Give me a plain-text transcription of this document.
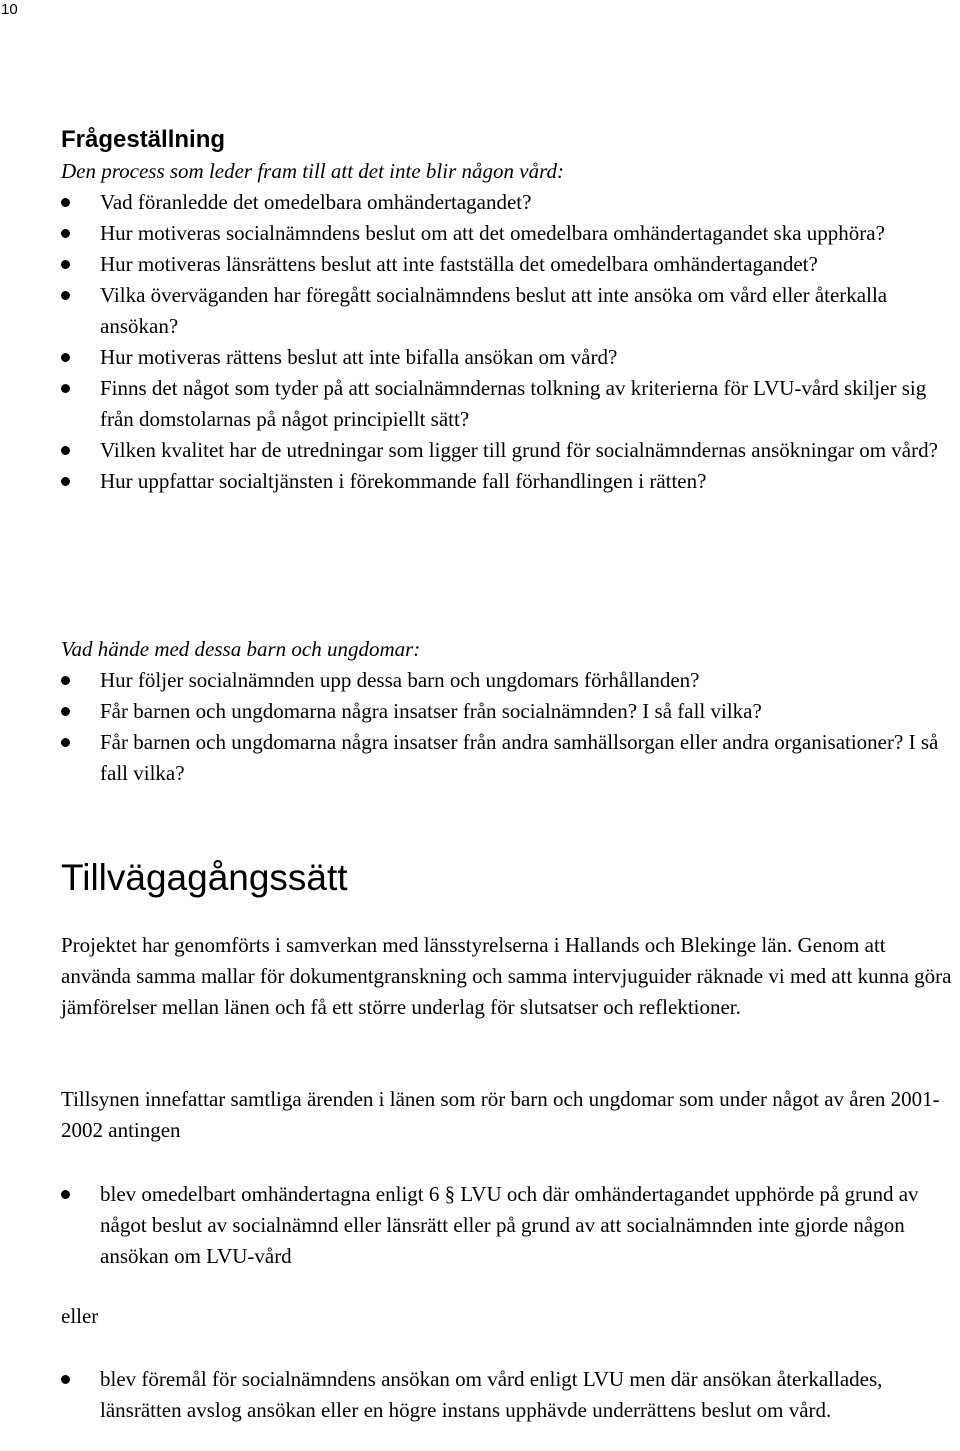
10
Frågeställning

Den process som leder fram till att det inte blir någon vård:

Vad föranledde det omedelbara omhändertagandet?
Hur motiveras socialnämndens beslut om att det omedelbara omhändertagandet ska upphöra?
Hur motiveras länsrättens beslut att inte fastställa det omedelbara omhändertagandet?
Vilka överväganden har föregått socialnämndens beslut att inte ansöka om vård eller återkalla ansökan?
Hur motiveras rättens beslut att inte bifalla ansökan om vård?
Finns det något som tyder på att socialnämndernas tolkning av kriterierna för LVU-vård skiljer sig från domstolarnas på något principiellt sätt?
Vilken kvalitet har de utredningar som ligger till grund för socialnämndernas ansökningar om vård?
Hur uppfattar socialtjänsten i förekommande fall förhandlingen i rätten?

Vad hände med dessa barn och ungdomar:

Hur följer socialnämnden upp dessa barn och ungdomars förhållanden?
Får barnen och ungdomarna några insatser från socialnämnden? I så fall vilka?
Får barnen och ungdomarna några insatser från andra samhällsorgan eller andra organisationer? I så fall vilka?
Tillvägagångssätt

Projektet har genomförts i samverkan med länsstyrelserna i Hallands och Blekinge län. Genom att använda samma mallar för dokumentgranskning och samma intervjuguider räknade vi med att kunna göra jämförelser mellan länen och få ett större underlag för slutsatser och reflektioner.

Tillsynen innefattar samtliga ärenden i länen som rör barn och ungdomar som under något av åren 2001-2002 antingen

blev omedelbart omhändertagna enligt 6 § LVU och där omhändertagandet upphörde på grund av något beslut av socialnämnd eller länsrätt eller på grund av att socialnämnden inte gjorde någon ansökan om LVU-vård

eller

blev föremål för socialnämndens ansökan om vård enligt LVU men där ansökan återkallades, länsrätten avslog ansökan eller en högre instans upphävde underrättens beslut om vård.
